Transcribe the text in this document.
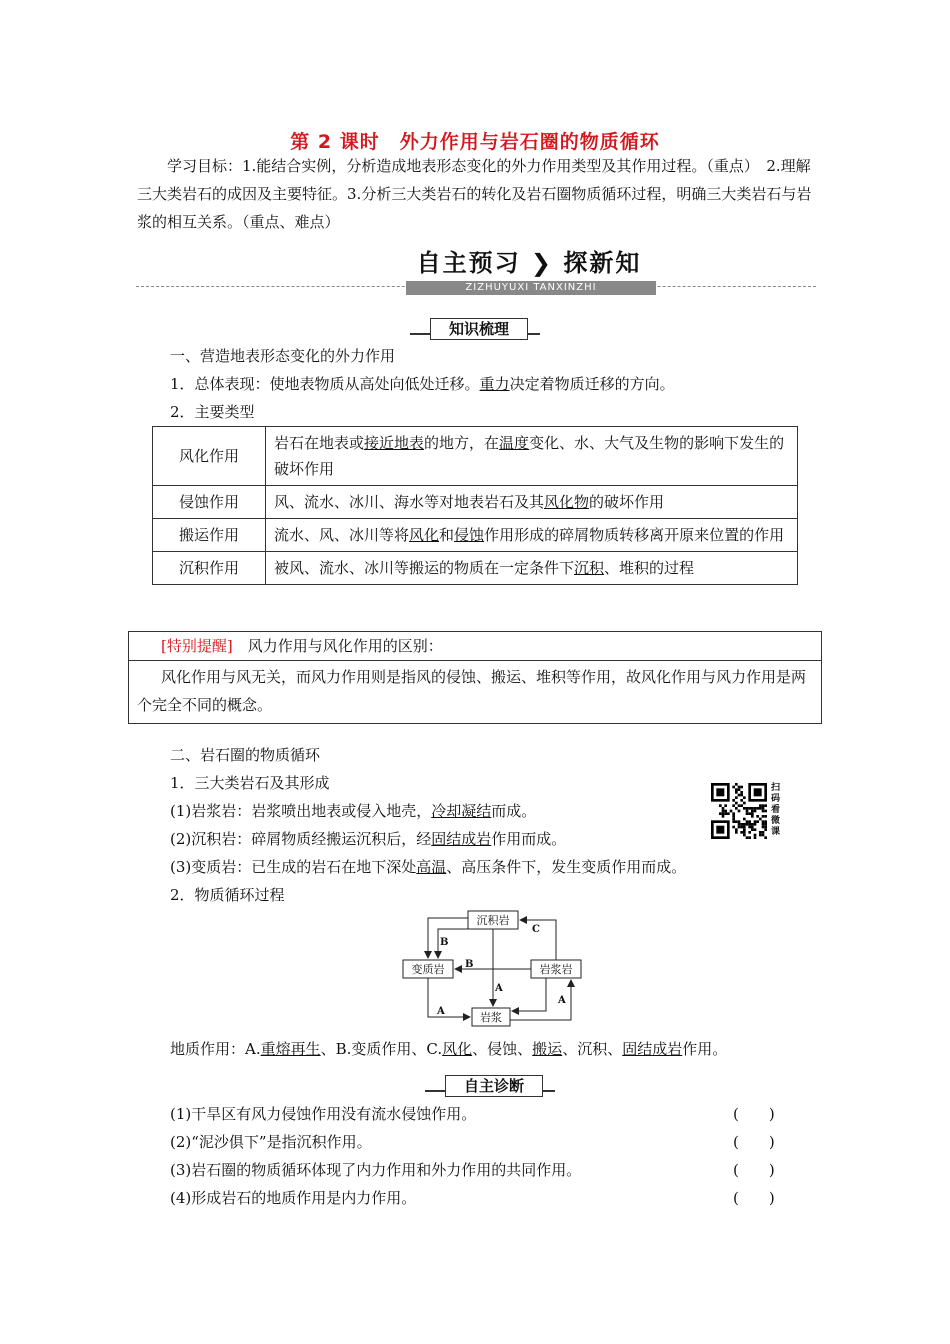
第 2 课时　外力作用与岩石圈的物质循环
学习目标：1.能结合实例，分析造成地表形态变化的外力作用类型及其作用过程。（重点）　2.理解三大类岩石的成因及主要特征。3.分析三大类岩石的转化及岩石圈物质循环过程，明确三大类岩石与岩浆的相互关系。（重点、难点）
ZIZHUYUXI TANXINZHI
自主预习 ❯ 探新知
知识梳理
一、营造地表形态变化的外力作用
1．总体表现：使地表物质从高处向低处迁移。重力决定着物质迁移的方向。
2．主要类型
风化作用	岩石在地表或接近地表的地方，在温度变化、水、大气及生物的影响下发生的破坏作用
侵蚀作用	风、流水、冰川、海水等对地表岩石及其风化物的破坏作用
搬运作用	流水、风、冰川等将风化和侵蚀作用形成的碎屑物质转移离开原来位置的作用
沉积作用	被风、流水、冰川等搬运的物质在一定条件下沉积、堆积的过程
[特别提醒]　风力作用与风化作用的区别：
风化作用与风无关，而风力作用则是指风的侵蚀、搬运、堆积等作用，故风化作用与风力作用是两个完全不同的概念。
二、岩石圈的物质循环
1．三大类岩石及其形成
(1)岩浆岩：岩浆喷出地表或侵入地壳，冷却凝结而成。
(2)沉积岩：碎屑物质经搬运沉积后，经固结成岩作用而成。
(3)变质岩：已生成的岩石在地下深处高温、高压条件下，发生变质作用而成。
2．物质循环过程
扫码看微课
沉积岩
变质岩	岩浆岩
岩浆
C
B
B
A
A
A
地质作用：A.重熔再生、B.变质作用、C.风化、侵蚀、搬运、沉积、固结成岩作用。
自主诊断
(1)干旱区有风力侵蚀作用没有流水侵蚀作用。	(　　)
(2)“泥沙俱下”是指沉积作用。	(　　)
(3)岩石圈的物质循环体现了内力作用和外力作用的共同作用。	(　　)
(4)形成岩石的地质作用是内力作用。	(　　)
